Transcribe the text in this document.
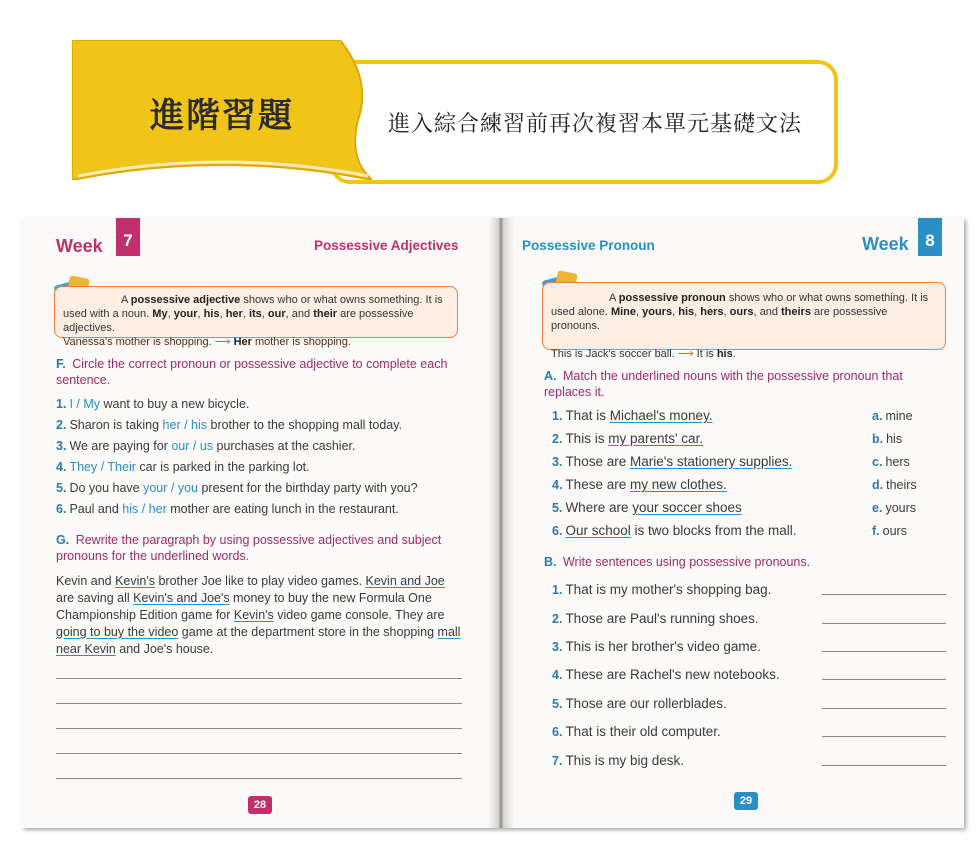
進入綜合練習前再次複習本單元基礎文法
進階習題
Week	7	Possessive Adjectives
A possessive adjective shows who or what owns something. It is used with a noun. My, your, his, her, its, our, and their are possessive adjectives.
Vanessa's mother is shopping. ⟶ Her mother is shopping.
F. Circle the correct pronoun or possessive adjective to complete each sentence.
1. I / My want to buy a new bicycle.
2. Sharon is taking her / his brother to the shopping mall today.
3. We are paying for our / us purchases at the cashier.
4. They / Their car is parked in the parking lot.
5. Do you have your / you present for the birthday party with you?
6. Paul and his / her mother are eating lunch in the restaurant.
G. Rewrite the paragraph by using possessive adjectives and subject pronouns for the underlined words.
Kevin and Kevin's brother Joe like to play video games. Kevin and Joe are saving all Kevin's and Joe's money to buy the new Formula One Championship Edition game for Kevin's video game console. They are going to buy the video game at the department store in the shopping mall near Kevin and Joe's house.
28
Possessive Pronoun	Week 8
A possessive pronoun shows who or what owns something. It is used alone. Mine, yours, his, hers, ours, and theirs are possessive pronouns.
This is Jack's soccer ball. ⟶ It is his.
A. Match the underlined nouns with the possessive pronoun that replaces it.
1. That is Michael's money.
2. This is my parents' car.
3. Those are Marie's stationery supplies.
4. These are my new clothes.
5. Where are your soccer shoes
6. Our school is two blocks from the mall.
a. mine
b. his
c. hers
d. theirs
e. yours
f. ours
B. Write sentences using possessive pronouns.
1. That is my mother's shopping bag.
2. Those are Paul's running shoes.
3. This is her brother's video game.
4. These are Rachel's new notebooks.
5. Those are our rollerblades.
6. That is their old computer.
7. This is my big desk.
29
